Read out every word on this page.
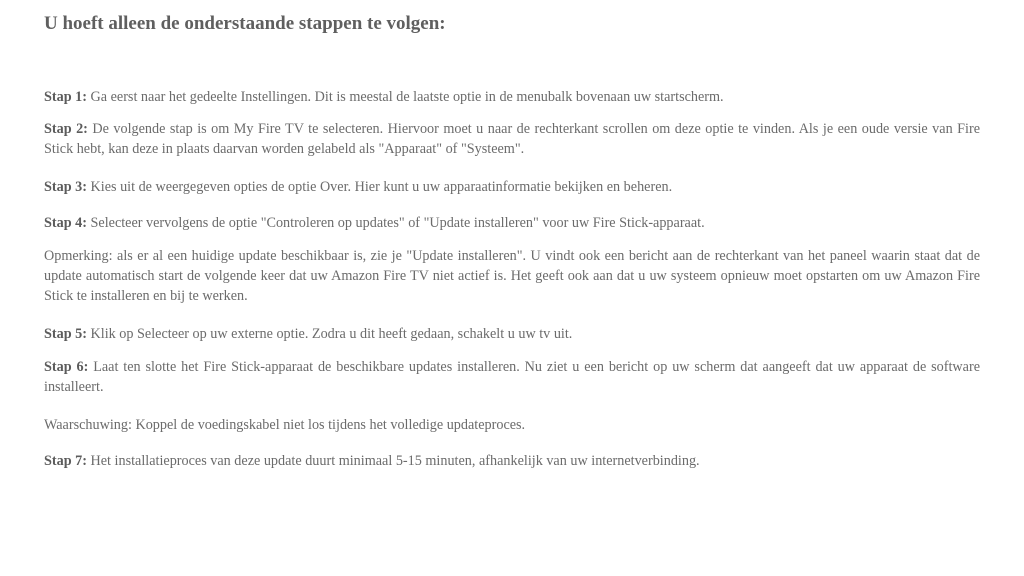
U hoeft alleen de onderstaande stappen te volgen:

Stap 1: Ga eerst naar het gedeelte Instellingen. Dit is meestal de laatste optie in de menubalk bovenaan uw startscherm.

Stap 2: De volgende stap is om My Fire TV te selecteren. Hiervoor moet u naar de rechterkant scrollen om deze optie te vinden. Als je een oude versie van Fire Stick hebt, kan deze in plaats daarvan worden gelabeld als "Apparaat" of "Systeem".

Stap 3: Kies uit de weergegeven opties de optie Over. Hier kunt u uw apparaatinformatie bekijken en beheren.

Stap 4: Selecteer vervolgens de optie "Controleren op updates" of "Update installeren" voor uw Fire Stick-apparaat.

Opmerking: als er al een huidige update beschikbaar is, zie je "Update installeren". U vindt ook een bericht aan de rechterkant van het paneel waarin staat dat de update automatisch start de volgende keer dat uw Amazon Fire TV niet actief is. Het geeft ook aan dat u uw systeem opnieuw moet opstarten om uw Amazon Fire Stick te installeren en bij te werken.

Stap 5: Klik op Selecteer op uw externe optie. Zodra u dit heeft gedaan, schakelt u uw tv uit.

Stap 6: Laat ten slotte het Fire Stick-apparaat de beschikbare updates installeren. Nu ziet u een bericht op uw scherm dat aangeeft dat uw apparaat de software installeert.

Waarschuwing: Koppel de voedingskabel niet los tijdens het volledige updateproces.

Stap 7: Het installatieproces van deze update duurt minimaal 5-15 minuten, afhankelijk van uw internetverbinding.
